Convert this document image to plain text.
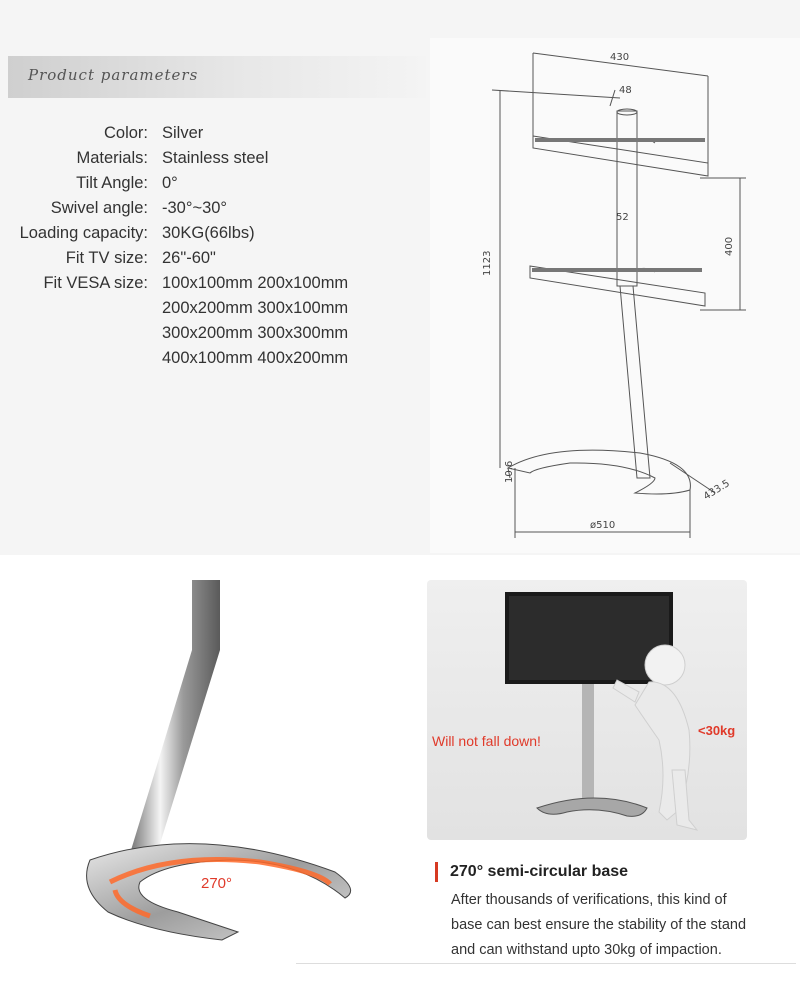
Product parameters
Color: Silver
Materials: Stainless steel
Tilt Angle: 0°
Swivel angle: -30°~30°
Loading capacity: 30KG(66lbs)
Fit TV size: 26"-60"
Fit VESA size: 100x100mm 200x100mm
200x200mm 300x100mm
300x200mm 300x300mm
400x100mm 400x200mm
430
48
52
1123
400
10.6
433.5
ø510
270°
Will not fall down!
<30kg
270° semi-circular base
After thousands of verifications, this kind of
base can best ensure the stability of the stand
and can withstand upto 30kg of impaction.
